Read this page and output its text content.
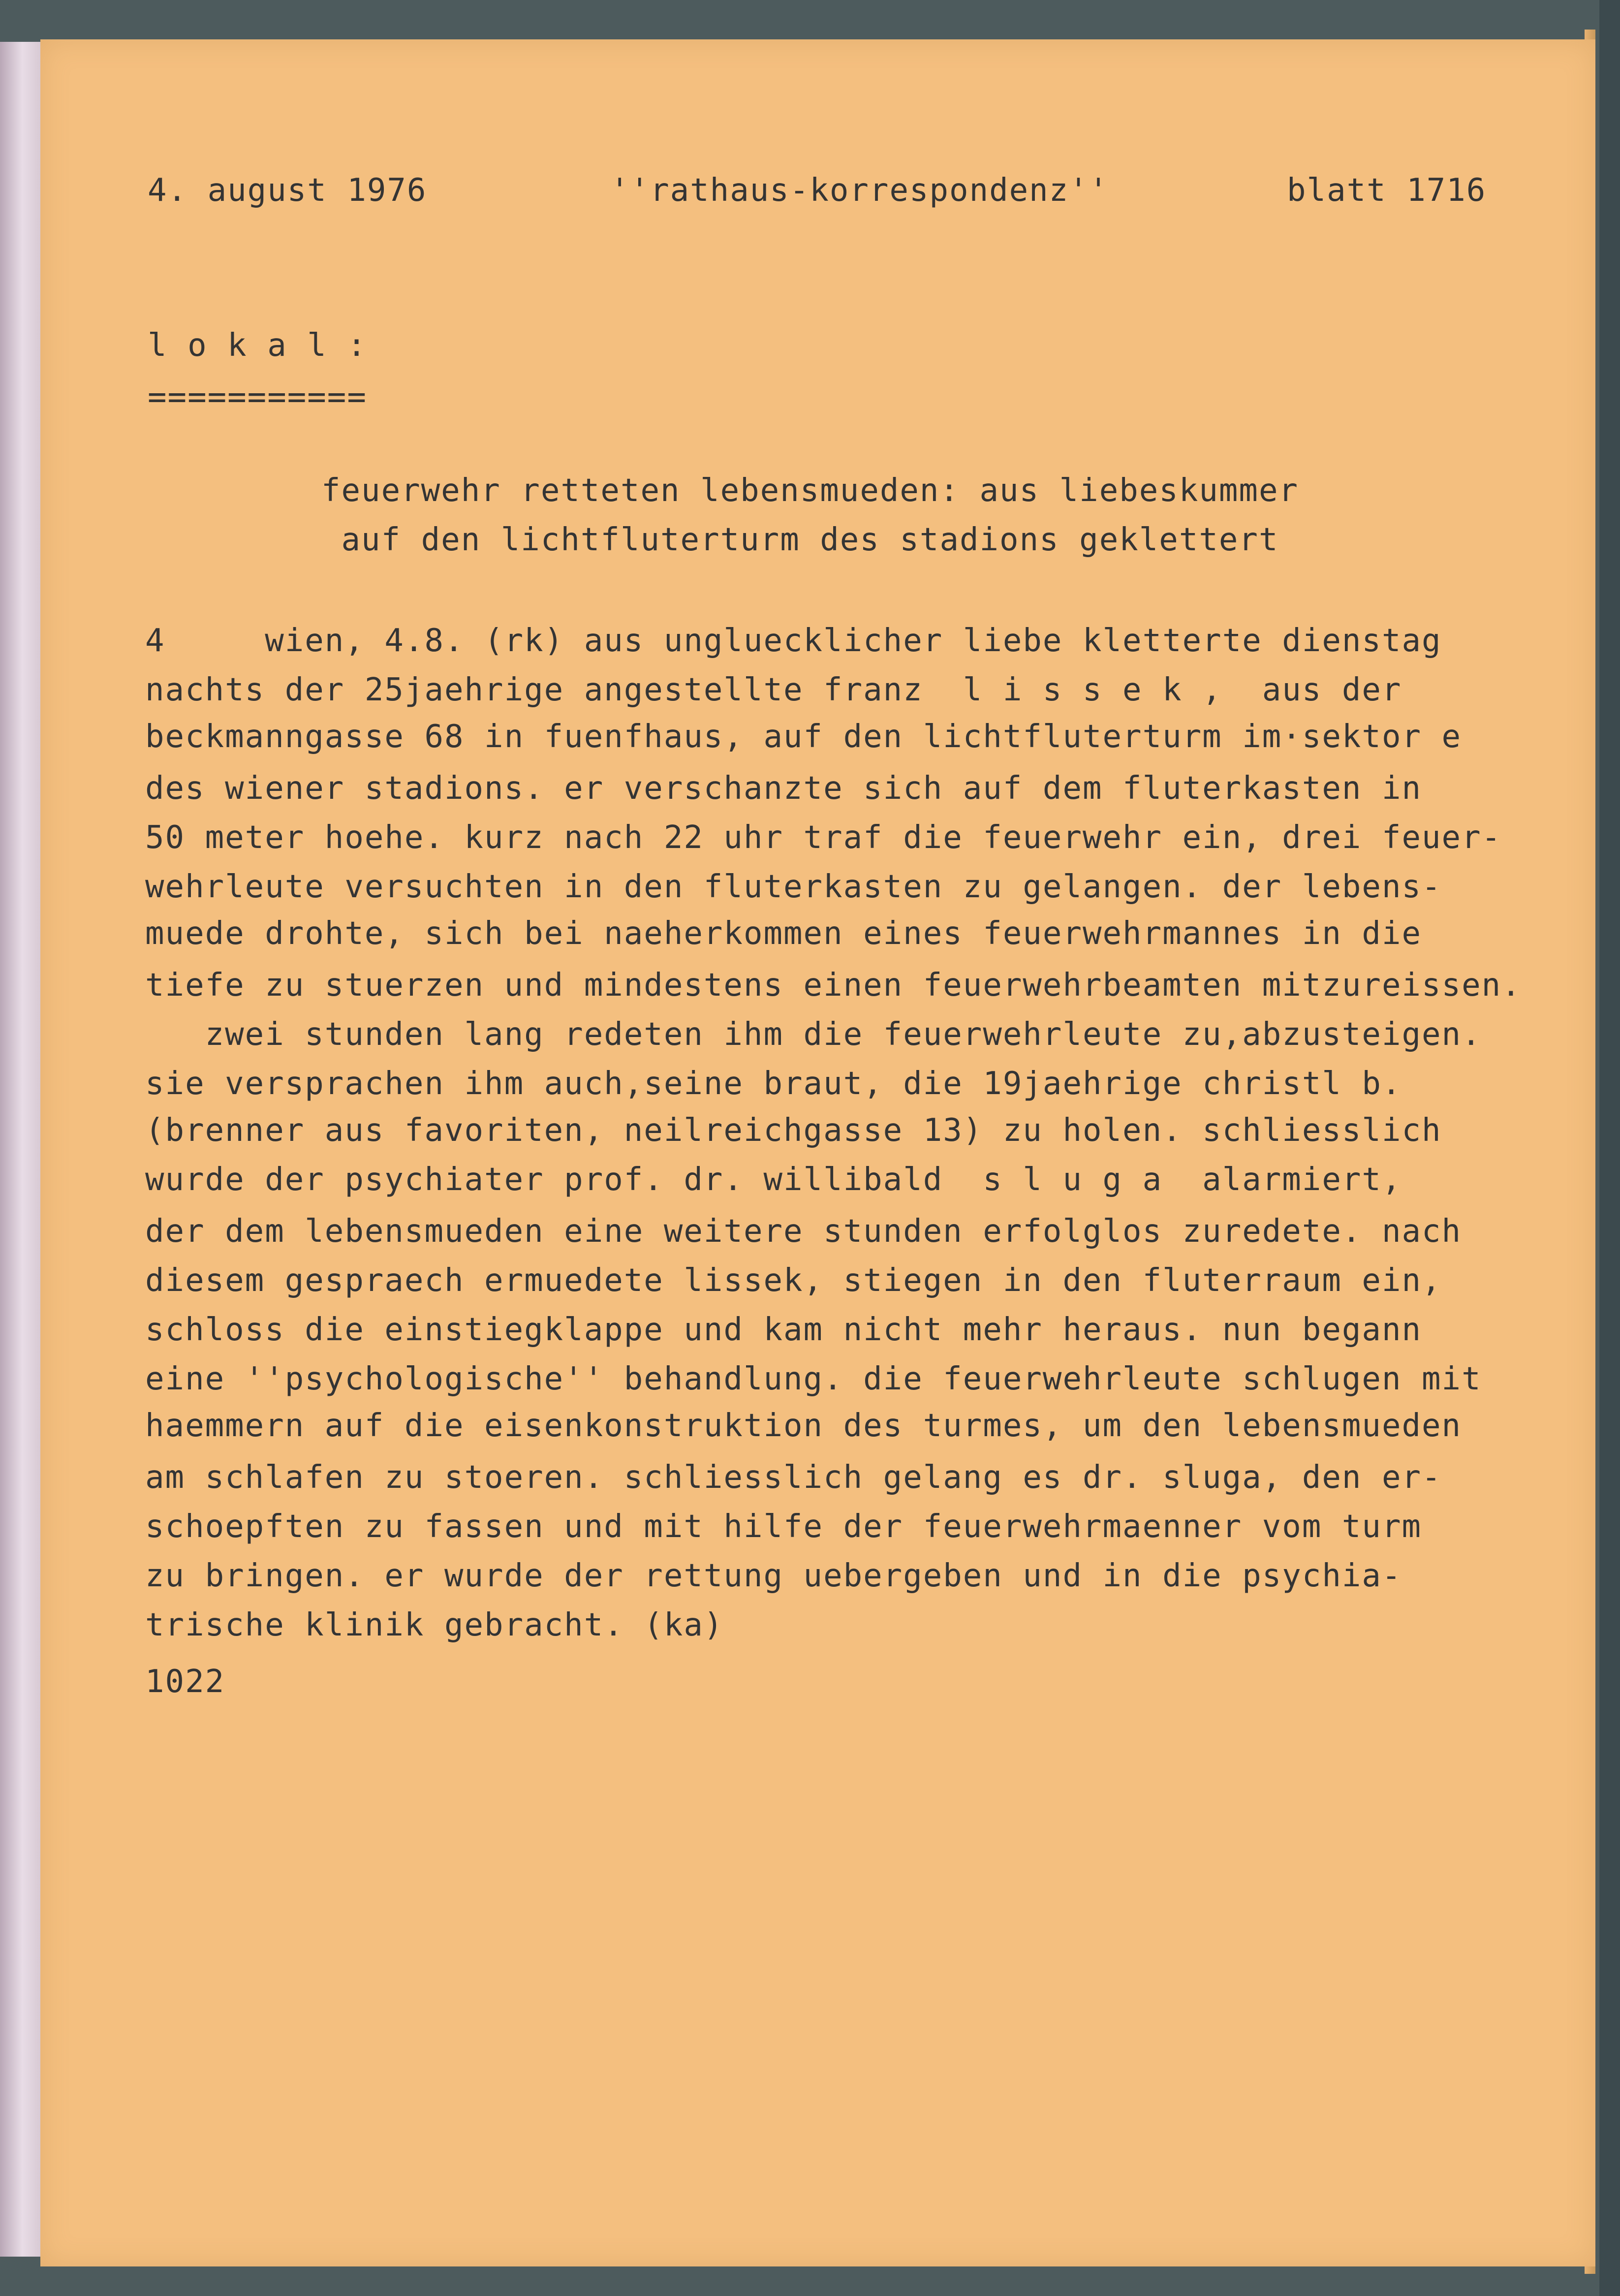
4. august 1976	''rathaus-korrespondenz''	blatt 1716
l o k a l :
===========
feuerwehr retteten lebensmueden: aus liebeskummer
auf den lichtfluterturm des stadions geklettert
4     wien, 4.8. (rk) aus ungluecklicher liebe kletterte dienstag
nachts der 25jaehrige angestellte franz  l i s s e k ,  aus der
beckmanngasse 68 in fuenfhaus, auf den lichtfluterturm im·sektor e
des wiener stadions. er verschanzte sich auf dem fluterkasten in
50 meter hoehe. kurz nach 22 uhr traf die feuerwehr ein, drei feuer-
wehrleute versuchten in den fluterkasten zu gelangen. der lebens-
muede drohte, sich bei naeherkommen eines feuerwehrmannes in die
tiefe zu stuerzen und mindestens einen feuerwehrbeamten mitzureissen.
zwei stunden lang redeten ihm die feuerwehrleute zu,abzusteigen.
sie versprachen ihm auch,seine braut, die 19jaehrige christl b.
(brenner aus favoriten, neilreichgasse 13) zu holen. schliesslich
wurde der psychiater prof. dr. willibald  s l u g a  alarmiert,
der dem lebensmueden eine weitere stunden erfolglos zuredete. nach
diesem gespraech ermuedete lissek, stiegen in den fluterraum ein,
schloss die einstiegklappe und kam nicht mehr heraus. nun begann
eine ''psychologische'' behandlung. die feuerwehrleute schlugen mit
haemmern auf die eisenkonstruktion des turmes, um den lebensmueden
am schlafen zu stoeren. schliesslich gelang es dr. sluga, den er-
schoepften zu fassen und mit hilfe der feuerwehrmaenner vom turm
zu bringen. er wurde der rettung uebergeben und in die psychia-
trische klinik gebracht. (ka)
1022
